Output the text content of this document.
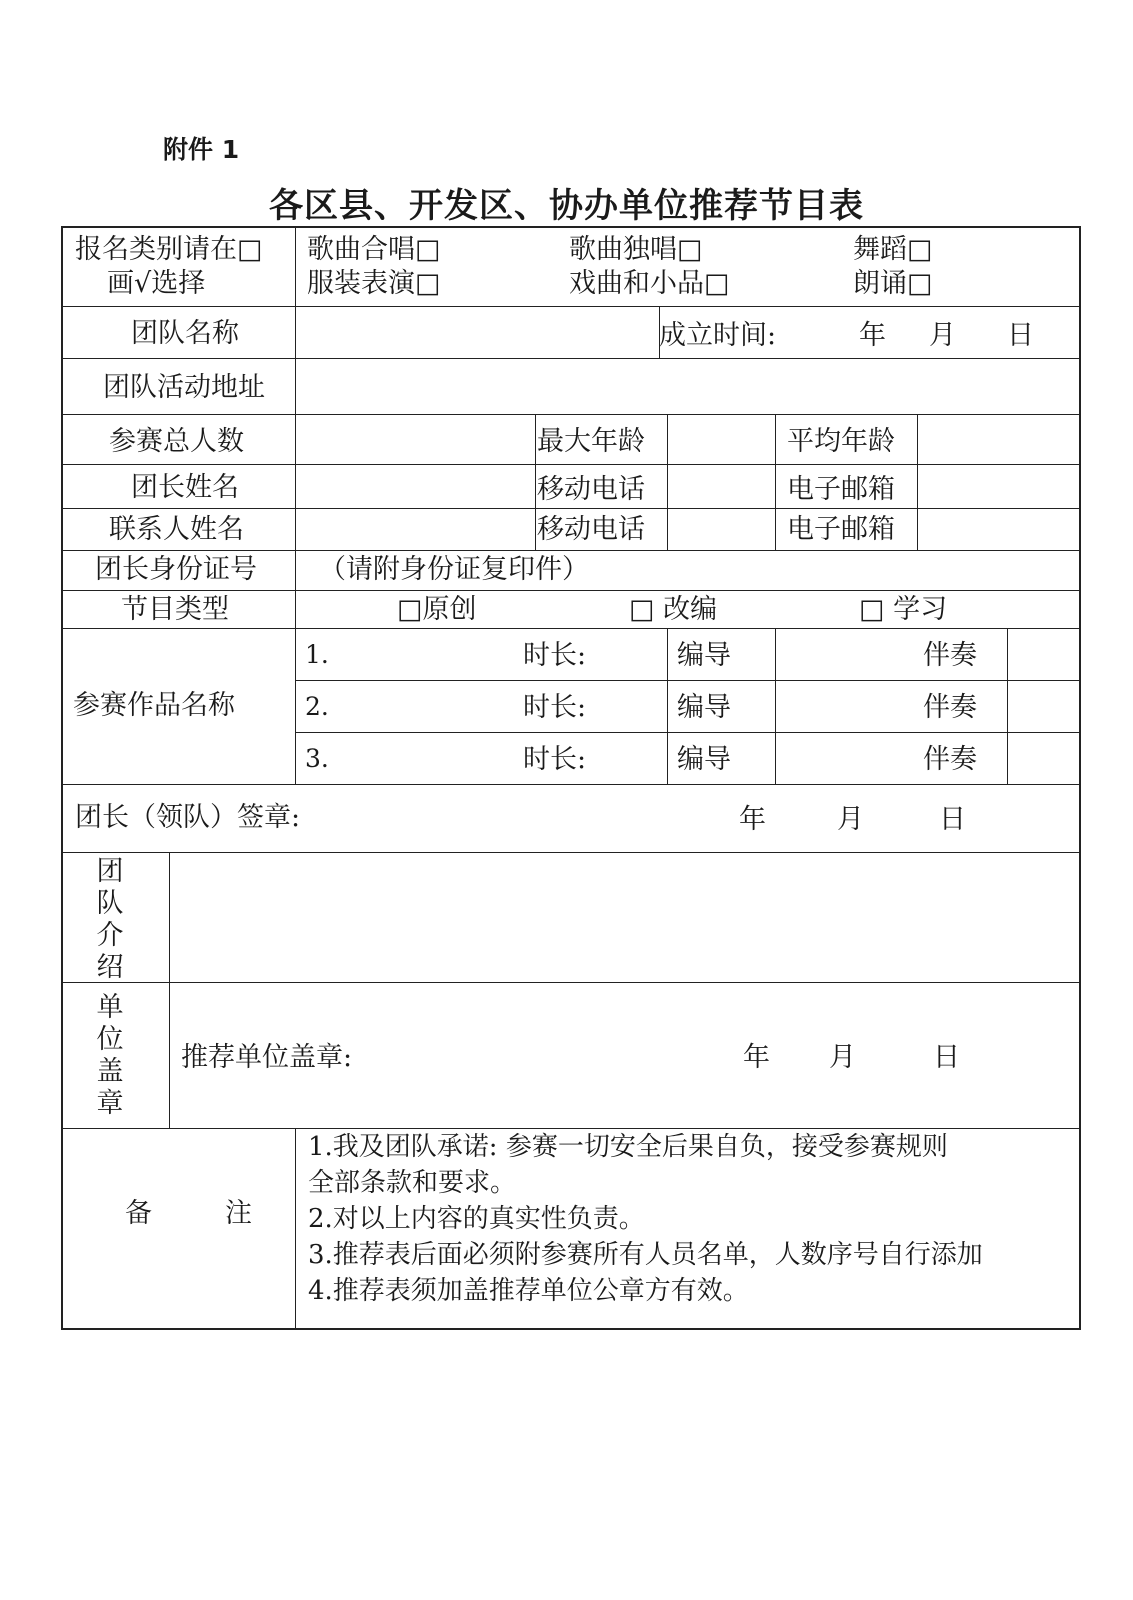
附件 1
各区县、开发区、协办单位推荐节目表
报名类别请在□
画√选择
歌曲合唱□	歌曲独唱□	舞蹈□
服装表演□	戏曲和小品□	朗诵□
团队名称	成立时间:	年 月 日
团队活动地址
参赛总人数	最大年龄	平均年龄
团长姓名	移动电话	电子邮箱
联系人姓名	移动电话	电子邮箱
团长身份证号 （请附身份证复印件）
节目类型	□原创	□ 改编	□ 学习
参赛作品名称
1.	时长:	编导	伴奏
2.	时长:	编导	伴奏
3.	时长:	编导	伴奏
团长（领队）签章:	年	月	日
团
队
介
绍
单
位
盖
章
推荐单位盖章:	年 月	日
备	注
1.我及团队承诺: 参赛一切安全后果自负，接受参赛规则
全部条款和要求。
2.对以上内容的真实性负责。
3.推荐表后面必须附参赛所有人员名单，人数序号自行添加
4.推荐表须加盖推荐单位公章方有效。
